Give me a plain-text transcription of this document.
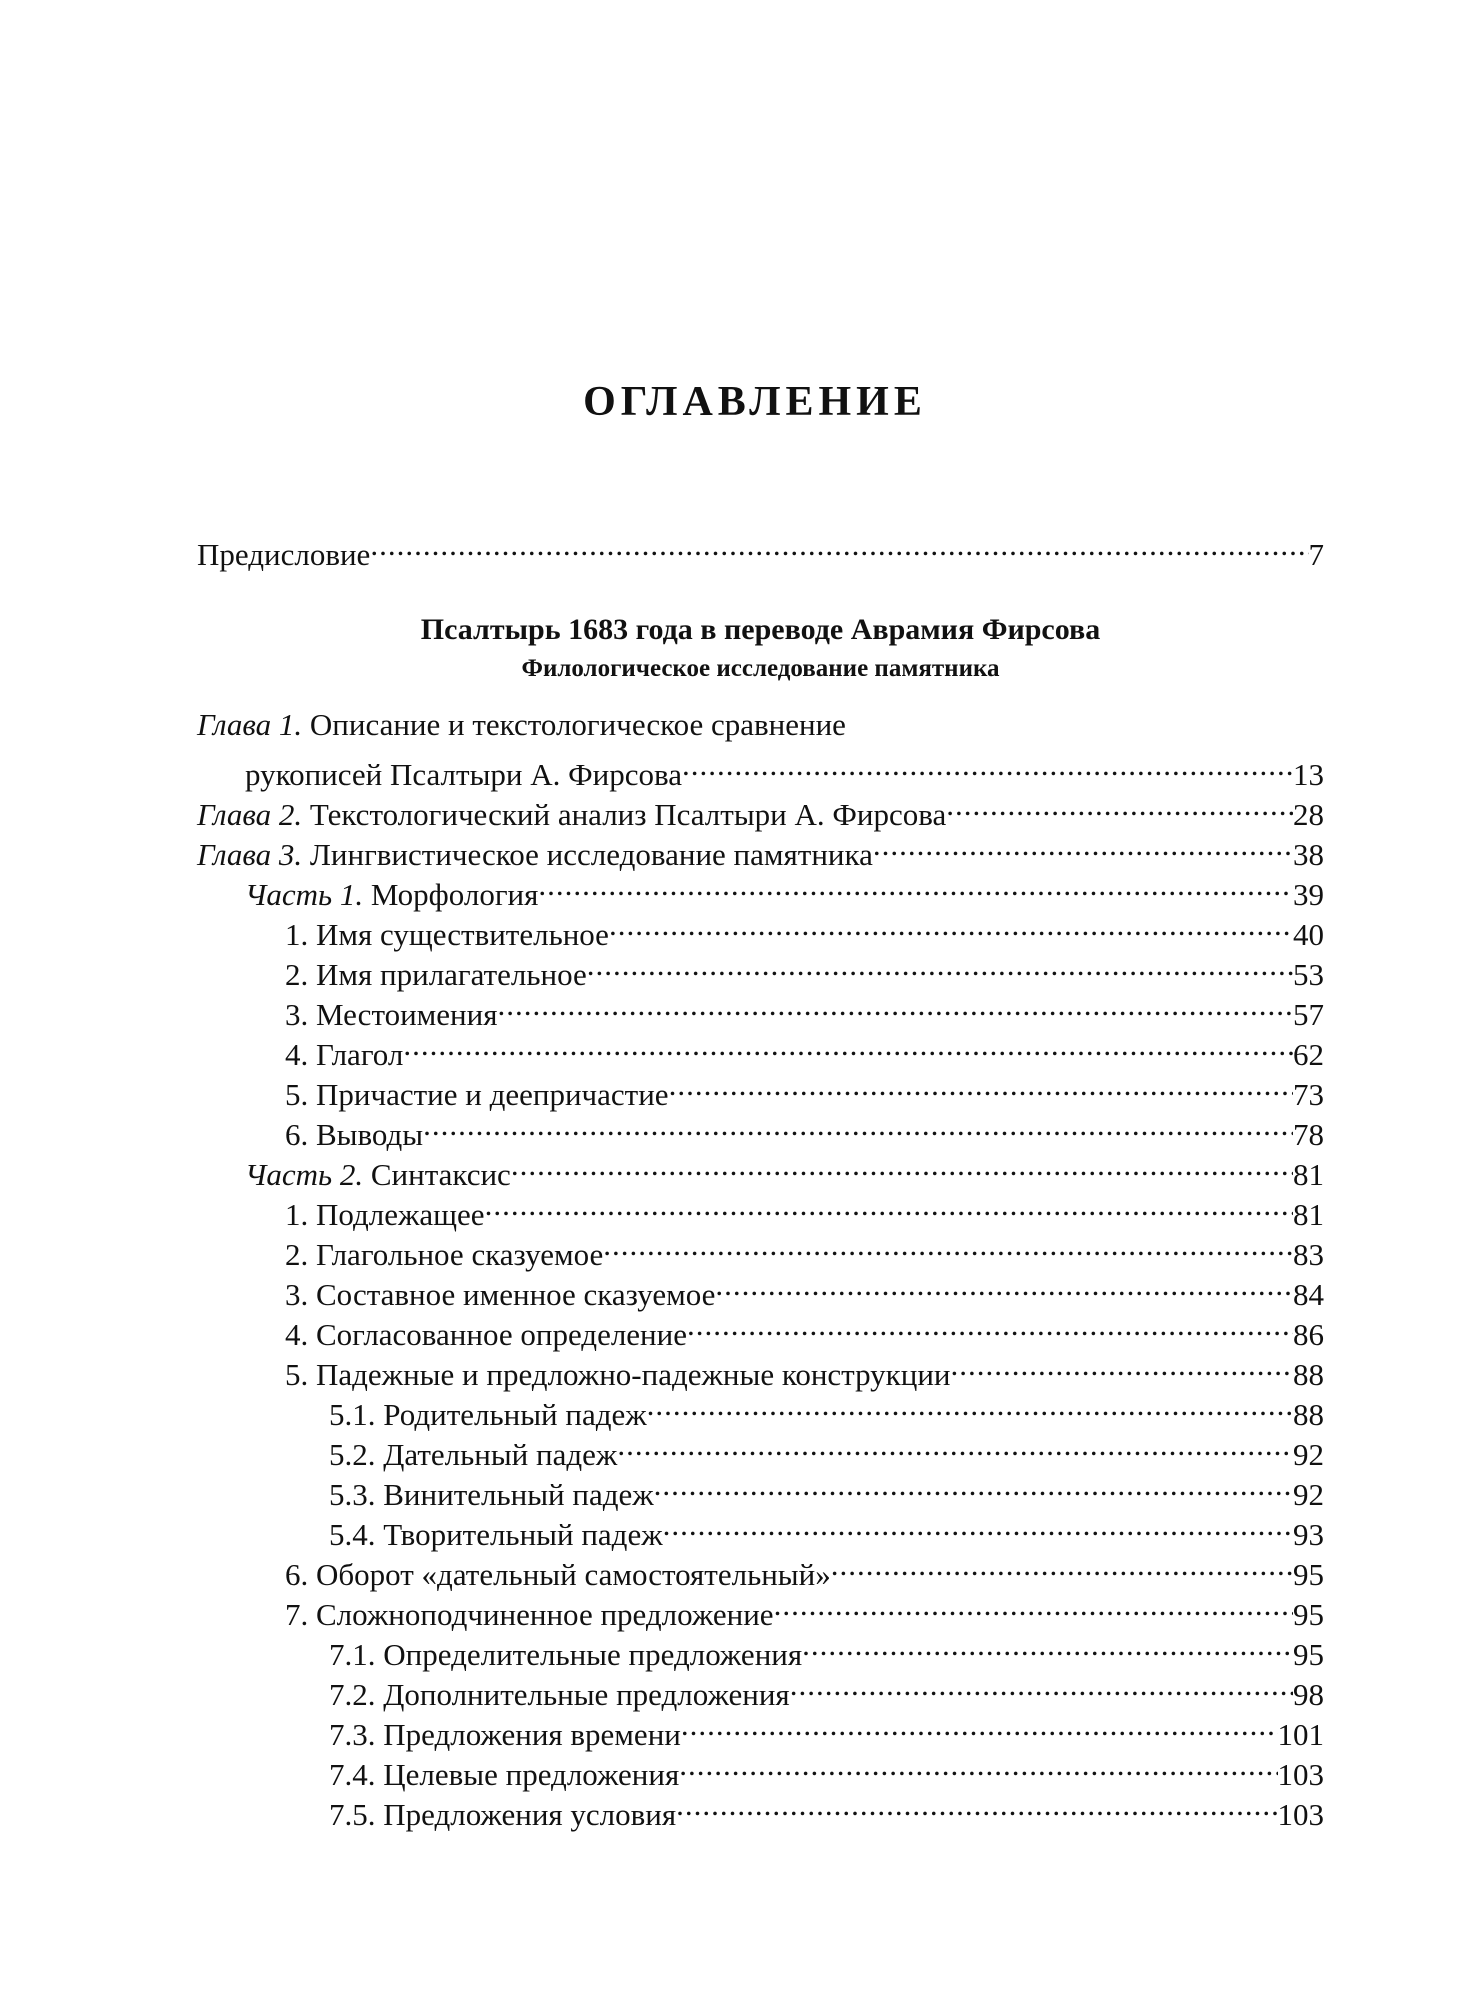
ОГЛАВЛЕНИЕ
Предисловие .....	7
Псалтырь 1683 года в переводе Аврамия Фирсова
Филологическое исследование памятника
Глава 1. Описание и текстологическое сравнение
рукописей Псалтыри А. Фирсова .....	13
Глава 2. Текстологический анализ Псалтыри А. Фирсова .....	28
Глава 3. Лингвистическое исследование памятника .....	38
Часть 1. Морфология .....	39
1. Имя существительное .....	40
2. Имя прилагательное .....	53
3. Местоимения .....	57
4. Глагол .....	62
5. Причастие и деепричастие .....	73
6. Выводы .....	78
Часть 2. Синтаксис .....	81
1. Подлежащее .....	81
2. Глагольное сказуемое .....	83
3. Составное именное сказуемое .....	84
4. Согласованное определение .....	86
5. Падежные и предложно-падежные конструкции .....	88
5.1. Родительный падеж .....	88
5.2. Дательный падеж .....	92
5.3. Винительный падеж .....	92
5.4. Творительный падеж .....	93
6. Оборот «дательный самостоятельный» .....	95
7. Сложноподчиненное предложение .....	95
7.1. Определительные предложения .....	95
7.2. Дополнительные предложения .....	98
7.3. Предложения времени .....	101
7.4. Целевые предложения .....	103
7.5. Предложения условия .....	103
